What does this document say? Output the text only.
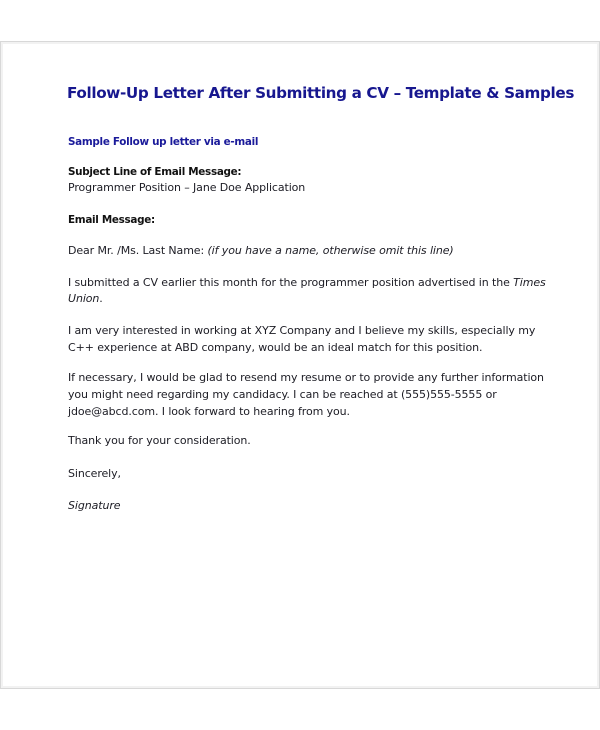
Follow-Up Letter After Submitting a CV – Template & Samples
Sample Follow up letter via e-mail
Subject Line of Email Message:
Programmer Position – Jane Doe Application
Email Message:
Dear Mr. /Ms. Last Name: (if you have a name, otherwise omit this line)
I submitted a CV earlier this month for the programmer position advertised in the Times
Union.
I am very interested in working at XYZ Company and I believe my skills, especially my
C++ experience at ABD company, would be an ideal match for this position.
If necessary, I would be glad to resend my resume or to provide any further information
you might need regarding my candidacy. I can be reached at (555)555-5555 or
jdoe@abcd.com. I look forward to hearing from you.
Thank you for your consideration.
Sincerely,
Signature
